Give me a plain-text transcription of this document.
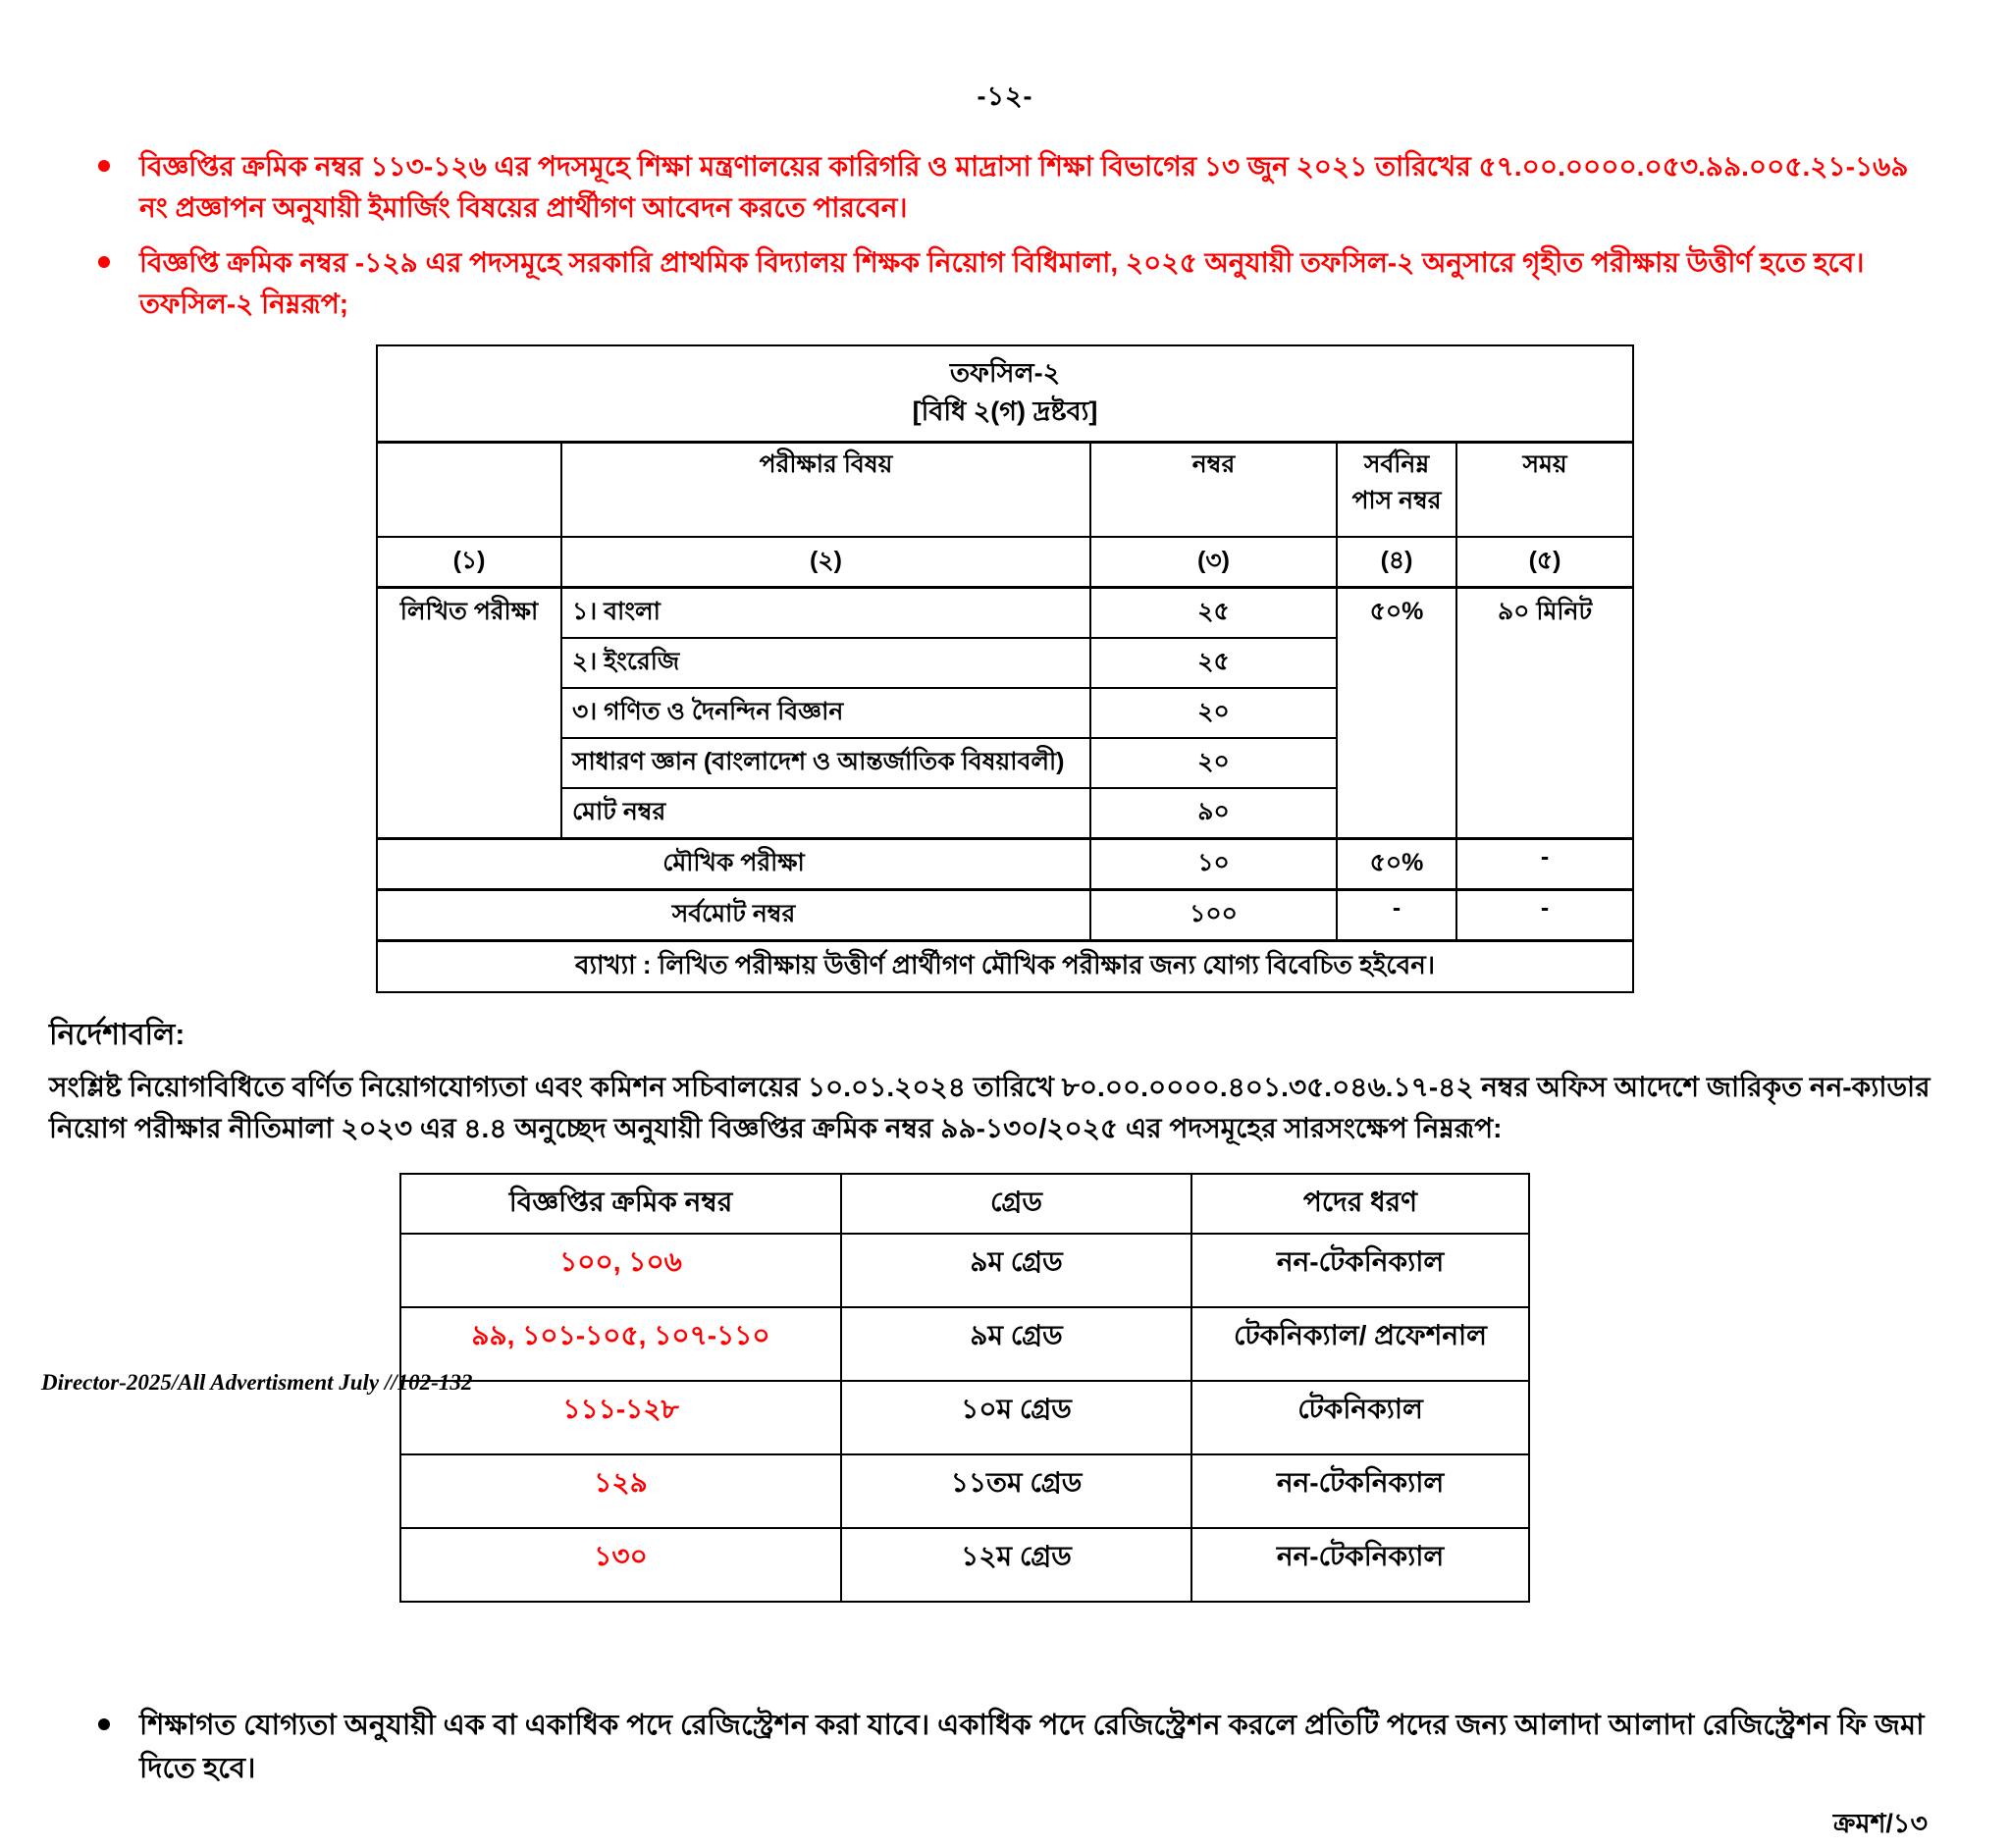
-১২-
বিজ্ঞপ্তির ক্রমিক নম্বর ১১৩-১২৬ এর পদসমূহে শিক্ষা মন্ত্রণালয়ের কারিগরি ও মাদ্রাসা শিক্ষা বিভাগের ১৩ জুন ২০২১ তারিখের ৫৭.০০.০০০০.০৫৩.৯৯.০০৫.২১-১৬৯ নং প্রজ্ঞাপন অনুযায়ী ইমার্জিং বিষয়ের প্রার্থীগণ আবেদন করতে পারবেন।
বিজ্ঞপ্তি ক্রমিক নম্বর -১২৯ এর পদসমূহে সরকারি প্রাথমিক বিদ্যালয় শিক্ষক নিয়োগ বিধিমালা, ২০২৫ অনুযায়ী তফসিল-২ অনুসারে গৃহীত পরীক্ষায় উত্তীর্ণ হতে হবে। তফসিল-২ নিম্নরূপ;
তফসিল-২
[বিধি ২(গ) দ্রষ্টব্য]				

	পরীক্ষার বিষয়	নম্বর	সর্বনিম্ন পাস নম্বর	সময়
(১)	(২)	(৩)	(৪)	(৫)
লিখিত পরীক্ষা	১। বাংলা	২৫	৫০%	৯০ মিনিট
	২। ইংরেজি	২৫		
	৩। গণিত ও দৈনন্দিন বিজ্ঞান	২০		
	সাধারণ জ্ঞান (বাংলাদেশ ও আন্তর্জাতিক বিষয়াবলী)	২০		
	মোট নম্বর	৯০		
মৌখিক পরীক্ষা		১০	৫০%	-
সর্বমোট নম্বর		১০০	-	-
ব্যাখ্যা : লিখিত পরীক্ষায় উত্তীর্ণ প্রার্থীগণ মৌখিক পরীক্ষার জন্য যোগ্য বিবেচিত হইবেন।				
নির্দেশাবলি:
সংশ্লিষ্ট নিয়োগবিধিতে বর্ণিত নিয়োগযোগ্যতা এবং কমিশন সচিবালয়ের ১০.০১.২০২৪ তারিখে ৮০.০০.০০০০.৪০১.৩৫.০৪৬.১৭-৪২ নম্বর অফিস আদেশে জারিকৃত নন-ক্যাডার নিয়োগ পরীক্ষার নীতিমালা ২০২৩ এর ৪.৪ অনুচ্ছেদ অনুযায়ী বিজ্ঞপ্তির ক্রমিক নম্বর ৯৯-১৩০/২০২৫ এর পদসমূহের সারসংক্ষেপ নিম্নরূপ:
বিজ্ঞপ্তির ক্রমিক নম্বর	গ্রেড	পদের ধরণ
১০০, ১০৬	৯ম গ্রেড	নন-টেকনিক্যাল
৯৯, ১০১-১০৫, ১০৭-১১০	৯ম গ্রেড	টেকনিক্যাল/ প্রফেশনাল
১১১-১২৮	১০ম গ্রেড	টেকনিক্যাল
১২৯	১১তম গ্রেড	নন-টেকনিক্যাল
১৩০	১২ম গ্রেড	নন-টেকনিক্যাল
শিক্ষাগত যোগ্যতা অনুযায়ী এক বা একাধিক পদে রেজিস্ট্রেশন করা যাবে। একাধিক পদে রেজিস্ট্রেশন করলে প্রতিটি পদের জন্য আলাদা আলাদা রেজিস্ট্রেশন ফি জমা দিতে হবে।
ক্রমশ/১৩
Director-2025/All Advertisment July //102-132
